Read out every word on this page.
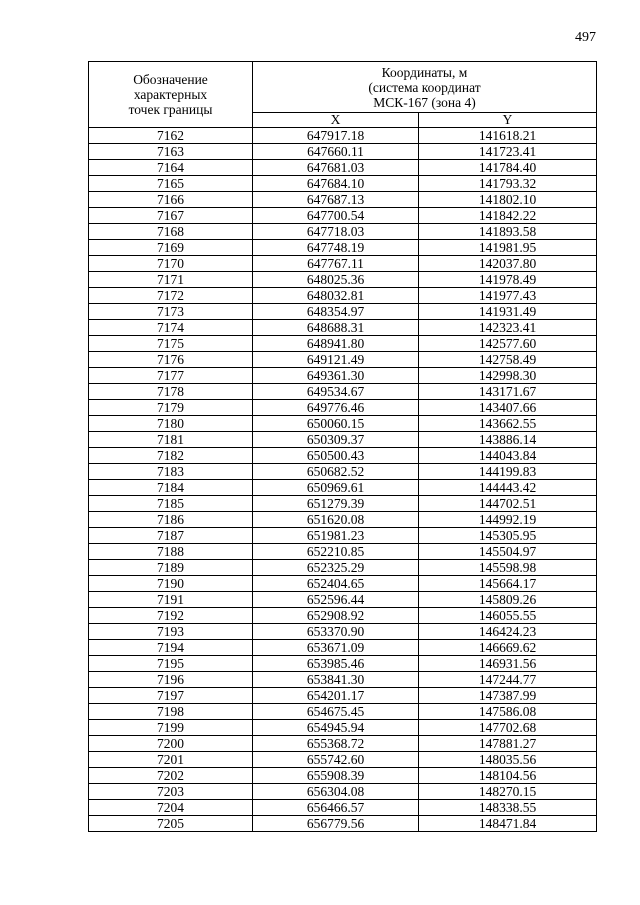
497
Обозначение
характерных
точек границы	Координаты, м
(система координат
МСК-167 (зона 4)	

	X	Y
7162	647917.18	141618.21
7163	647660.11	141723.41
7164	647681.03	141784.40
7165	647684.10	141793.32
7166	647687.13	141802.10
7167	647700.54	141842.22
7168	647718.03	141893.58
7169	647748.19	141981.95
7170	647767.11	142037.80
7171	648025.36	141978.49
7172	648032.81	141977.43
7173	648354.97	141931.49
7174	648688.31	142323.41
7175	648941.80	142577.60
7176	649121.49	142758.49
7177	649361.30	142998.30
7178	649534.67	143171.67
7179	649776.46	143407.66
7180	650060.15	143662.55
7181	650309.37	143886.14
7182	650500.43	144043.84
7183	650682.52	144199.83
7184	650969.61	144443.42
7185	651279.39	144702.51
7186	651620.08	144992.19
7187	651981.23	145305.95
7188	652210.85	145504.97
7189	652325.29	145598.98
7190	652404.65	145664.17
7191	652596.44	145809.26
7192	652908.92	146055.55
7193	653370.90	146424.23
7194	653671.09	146669.62
7195	653985.46	146931.56
7196	653841.30	147244.77
7197	654201.17	147387.99
7198	654675.45	147586.08
7199	654945.94	147702.68
7200	655368.72	147881.27
7201	655742.60	148035.56
7202	655908.39	148104.56
7203	656304.08	148270.15
7204	656466.57	148338.55
7205	656779.56	148471.84
